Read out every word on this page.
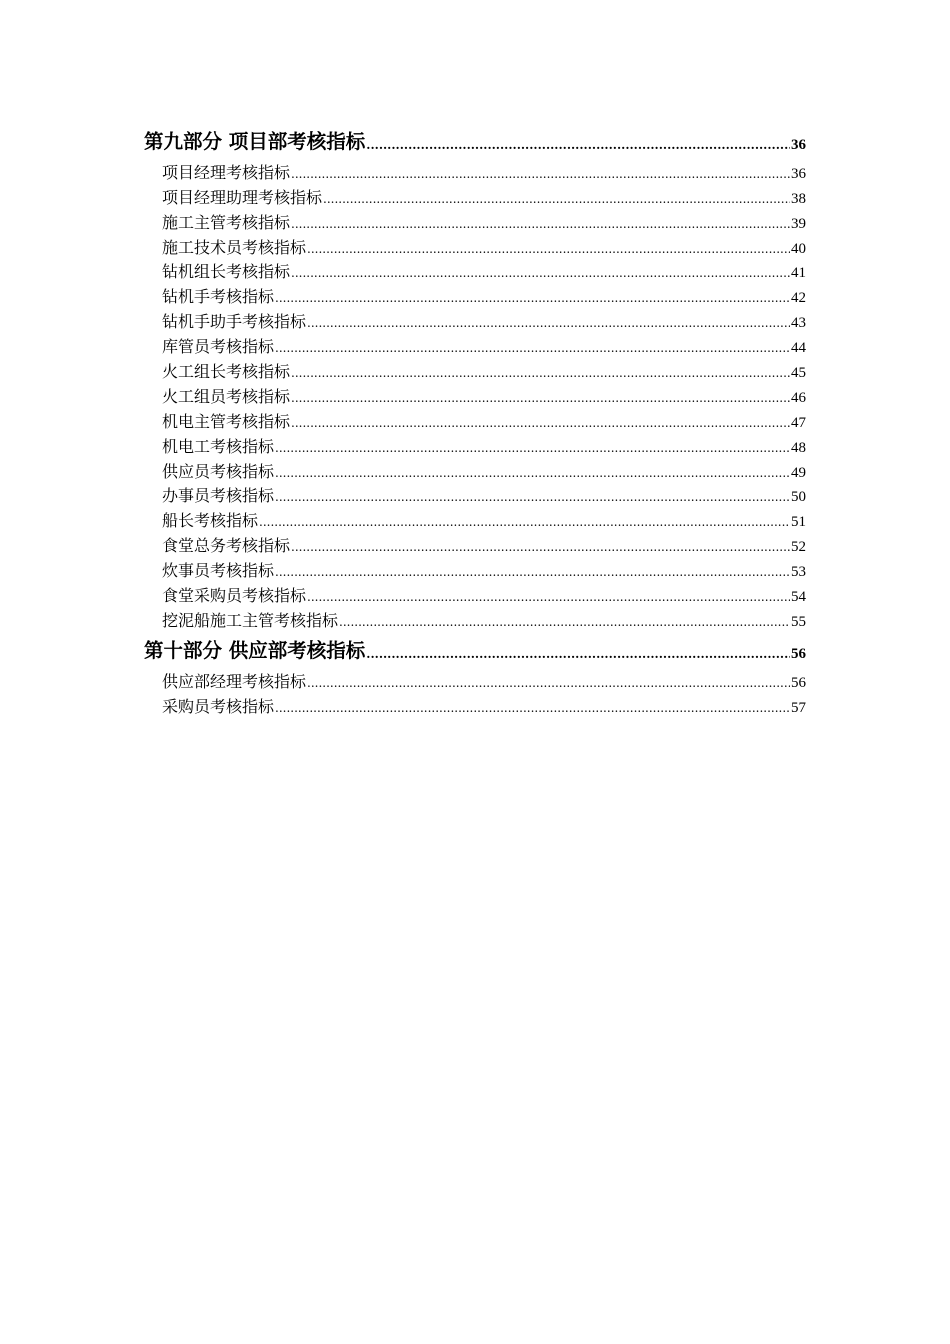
第九部分 项目部考核指标 .....	36
项目经理考核指标 .....	36
项目经理助理考核指标 .....	38
施工主管考核指标 .....	39
施工技术员考核指标 .....	40
钻机组长考核指标 .....	41
钻机手考核指标 .....	42
钻机手助手考核指标 .....	43
库管员考核指标 .....	44
火工组长考核指标 .....	45
火工组员考核指标 .....	46
机电主管考核指标 .....	47
机电工考核指标 .....	48
供应员考核指标 .....	49
办事员考核指标 .....	50
船长考核指标 .....	51
食堂总务考核指标 .....	52
炊事员考核指标 .....	53
食堂采购员考核指标 .....	54
挖泥船施工主管考核指标 .....	55
第十部分 供应部考核指标 .....	56
供应部经理考核指标 .....	56
采购员考核指标 .....	57
